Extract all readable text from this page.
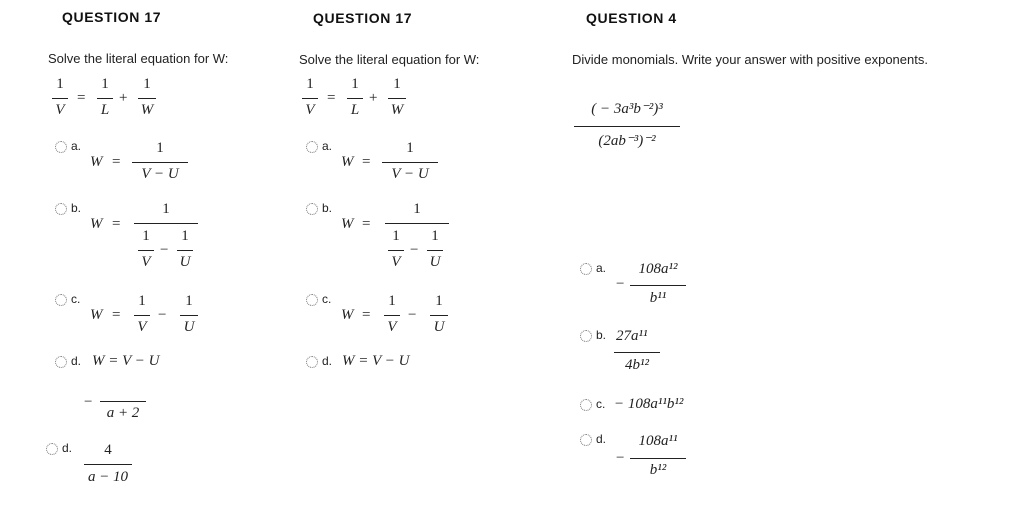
QUESTION 17
Solve the literal equation for W:
1
V
=
1
L
+
1
W
a.
W =
1
V − U
b.
W =
1
1
V
−
1
U
c.
W =
1
V
−
1
U
d. W = V − U
−
a + 2
d.	4
a − 10
QUESTION 17
Solve the literal equation for W:
1
V
=
1
L
+
1
W
a.
W =
1
V − U
b.
W =
1
1
V
−
1
U
c.
W =
1
V
−
1
U
d. W = V − U
QUESTION 4
Divide monomials. Write your answer with positive exponents.
( − 3a³b⁻²)³
(2ab⁻³)⁻²
a.
−
108a¹²
b¹¹
b. 27a¹¹
4b¹²
c. − 108a¹¹b¹²
d.
−
108a¹¹
b¹²
